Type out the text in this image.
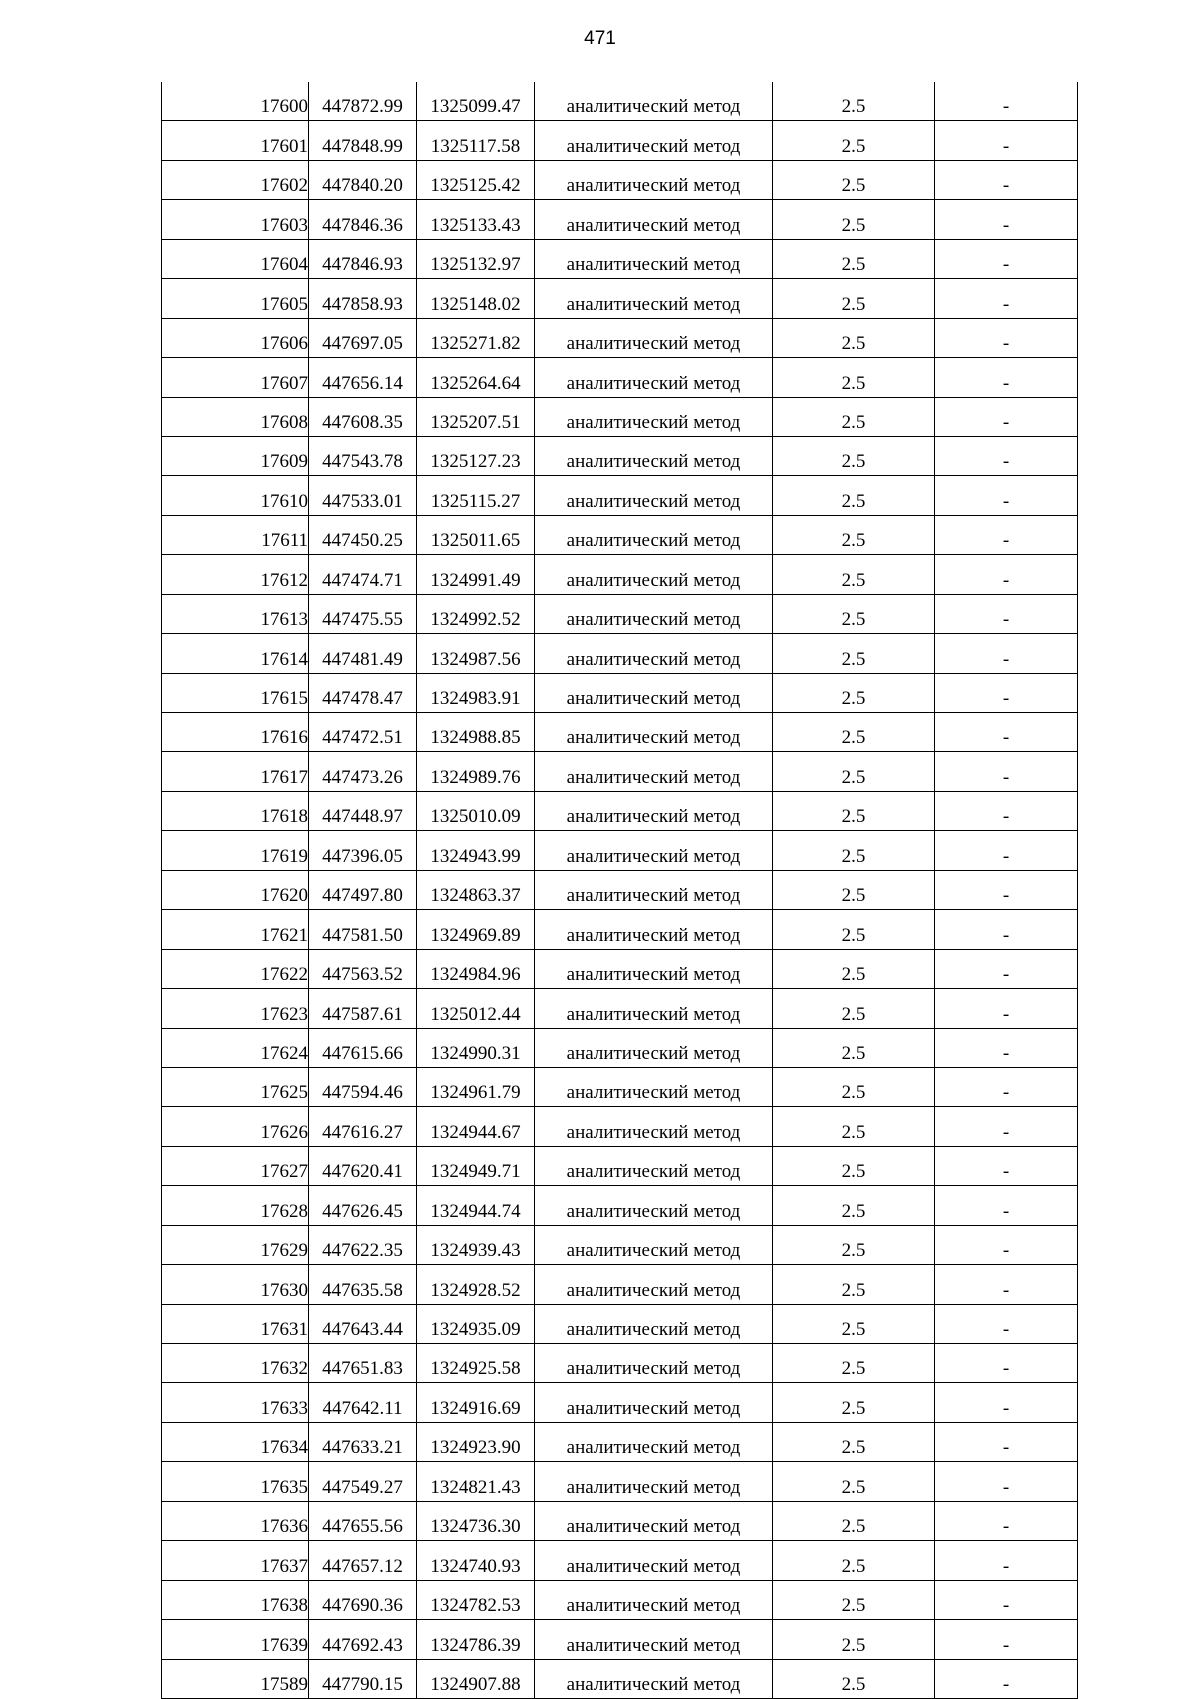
471
17600	447872.99	1325099.47	аналитический метод	2.5	-
17601	447848.99	1325117.58	аналитический метод	2.5	-
17602	447840.20	1325125.42	аналитический метод	2.5	-
17603	447846.36	1325133.43	аналитический метод	2.5	-
17604	447846.93	1325132.97	аналитический метод	2.5	-
17605	447858.93	1325148.02	аналитический метод	2.5	-
17606	447697.05	1325271.82	аналитический метод	2.5	-
17607	447656.14	1325264.64	аналитический метод	2.5	-
17608	447608.35	1325207.51	аналитический метод	2.5	-
17609	447543.78	1325127.23	аналитический метод	2.5	-
17610	447533.01	1325115.27	аналитический метод	2.5	-
17611	447450.25	1325011.65	аналитический метод	2.5	-
17612	447474.71	1324991.49	аналитический метод	2.5	-
17613	447475.55	1324992.52	аналитический метод	2.5	-
17614	447481.49	1324987.56	аналитический метод	2.5	-
17615	447478.47	1324983.91	аналитический метод	2.5	-
17616	447472.51	1324988.85	аналитический метод	2.5	-
17617	447473.26	1324989.76	аналитический метод	2.5	-
17618	447448.97	1325010.09	аналитический метод	2.5	-
17619	447396.05	1324943.99	аналитический метод	2.5	-
17620	447497.80	1324863.37	аналитический метод	2.5	-
17621	447581.50	1324969.89	аналитический метод	2.5	-
17622	447563.52	1324984.96	аналитический метод	2.5	-
17623	447587.61	1325012.44	аналитический метод	2.5	-
17624	447615.66	1324990.31	аналитический метод	2.5	-
17625	447594.46	1324961.79	аналитический метод	2.5	-
17626	447616.27	1324944.67	аналитический метод	2.5	-
17627	447620.41	1324949.71	аналитический метод	2.5	-
17628	447626.45	1324944.74	аналитический метод	2.5	-
17629	447622.35	1324939.43	аналитический метод	2.5	-
17630	447635.58	1324928.52	аналитический метод	2.5	-
17631	447643.44	1324935.09	аналитический метод	2.5	-
17632	447651.83	1324925.58	аналитический метод	2.5	-
17633	447642.11	1324916.69	аналитический метод	2.5	-
17634	447633.21	1324923.90	аналитический метод	2.5	-
17635	447549.27	1324821.43	аналитический метод	2.5	-
17636	447655.56	1324736.30	аналитический метод	2.5	-
17637	447657.12	1324740.93	аналитический метод	2.5	-
17638	447690.36	1324782.53	аналитический метод	2.5	-
17639	447692.43	1324786.39	аналитический метод	2.5	-
17589	447790.15	1324907.88	аналитический метод	2.5	-
